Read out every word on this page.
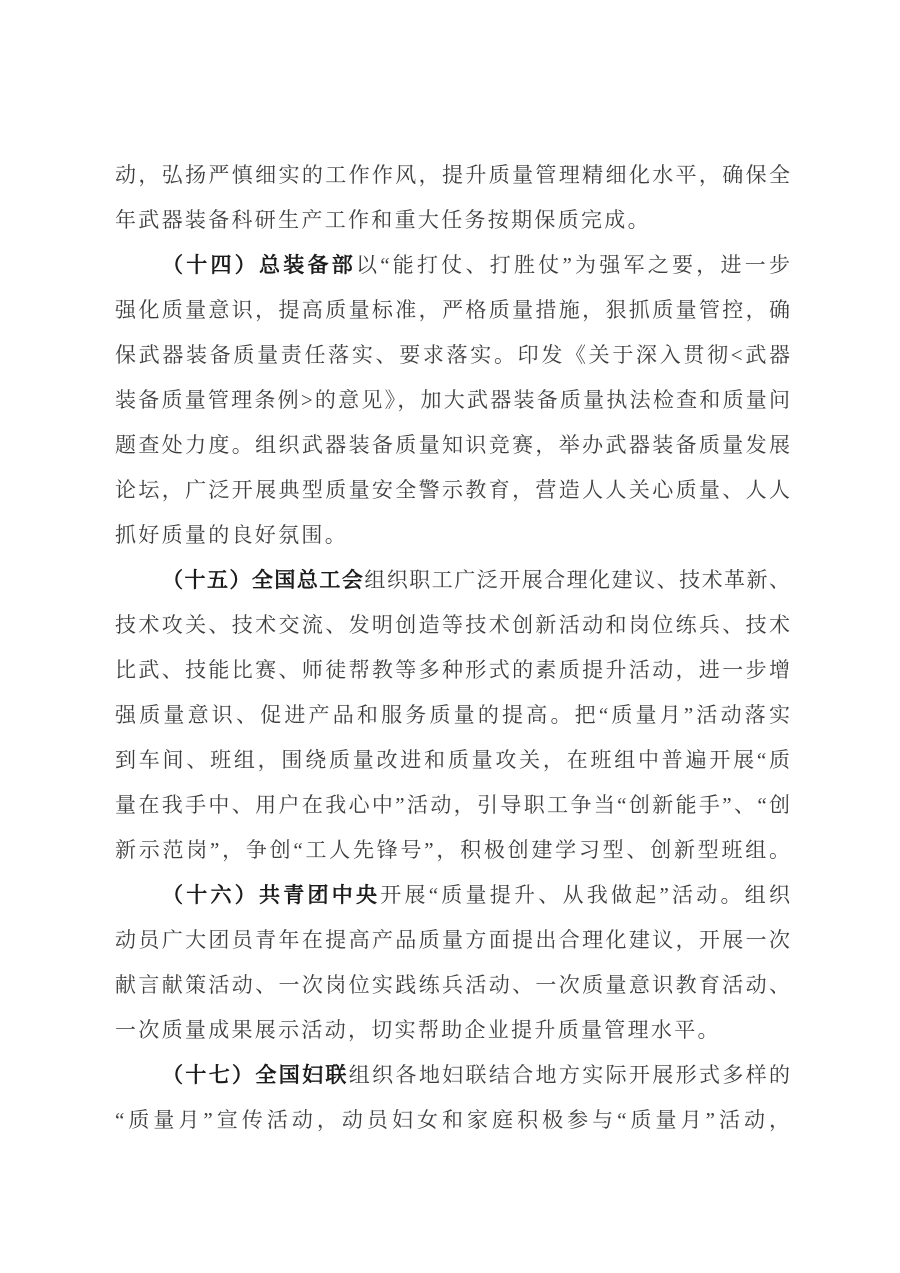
动，弘扬严慎细实的工作作风，提升质量管理精细化水平，确保全
年武器装备科研生产工作和重大任务按期保质完成。
（十四）总装备部以“能打仗、打胜仗”为强军之要，进一步
强化质量意识，提高质量标准，严格质量措施，狠抓质量管控，确
保武器装备质量责任落实、要求落实。印发《关于深入贯彻<武器
装备质量管理条例>的意见》，加大武器装备质量执法检查和质量问
题查处力度。组织武器装备质量知识竞赛，举办武器装备质量发展
论坛，广泛开展典型质量安全警示教育，营造人人关心质量、人人
抓好质量的良好氛围。
（十五）全国总工会组织职工广泛开展合理化建议、技术革新、
技术攻关、技术交流、发明创造等技术创新活动和岗位练兵、技术
比武、技能比赛、师徒帮教等多种形式的素质提升活动，进一步增
强质量意识、促进产品和服务质量的提高。把“质量月”活动落实
到车间、班组，围绕质量改进和质量攻关，在班组中普遍开展“质
量在我手中、用户在我心中”活动，引导职工争当“创新能手”、“创
新示范岗”，争创“工人先锋号”，积极创建学习型、创新型班组。
（十六）共青团中央开展“质量提升、从我做起”活动。组织
动员广大团员青年在提高产品质量方面提出合理化建议，开展一次
献言献策活动、一次岗位实践练兵活动、一次质量意识教育活动、
一次质量成果展示活动，切实帮助企业提升质量管理水平。
（十七）全国妇联组织各地妇联结合地方实际开展形式多样的
“质量月”宣传活动，动员妇女和家庭积极参与“质量月”活动，
